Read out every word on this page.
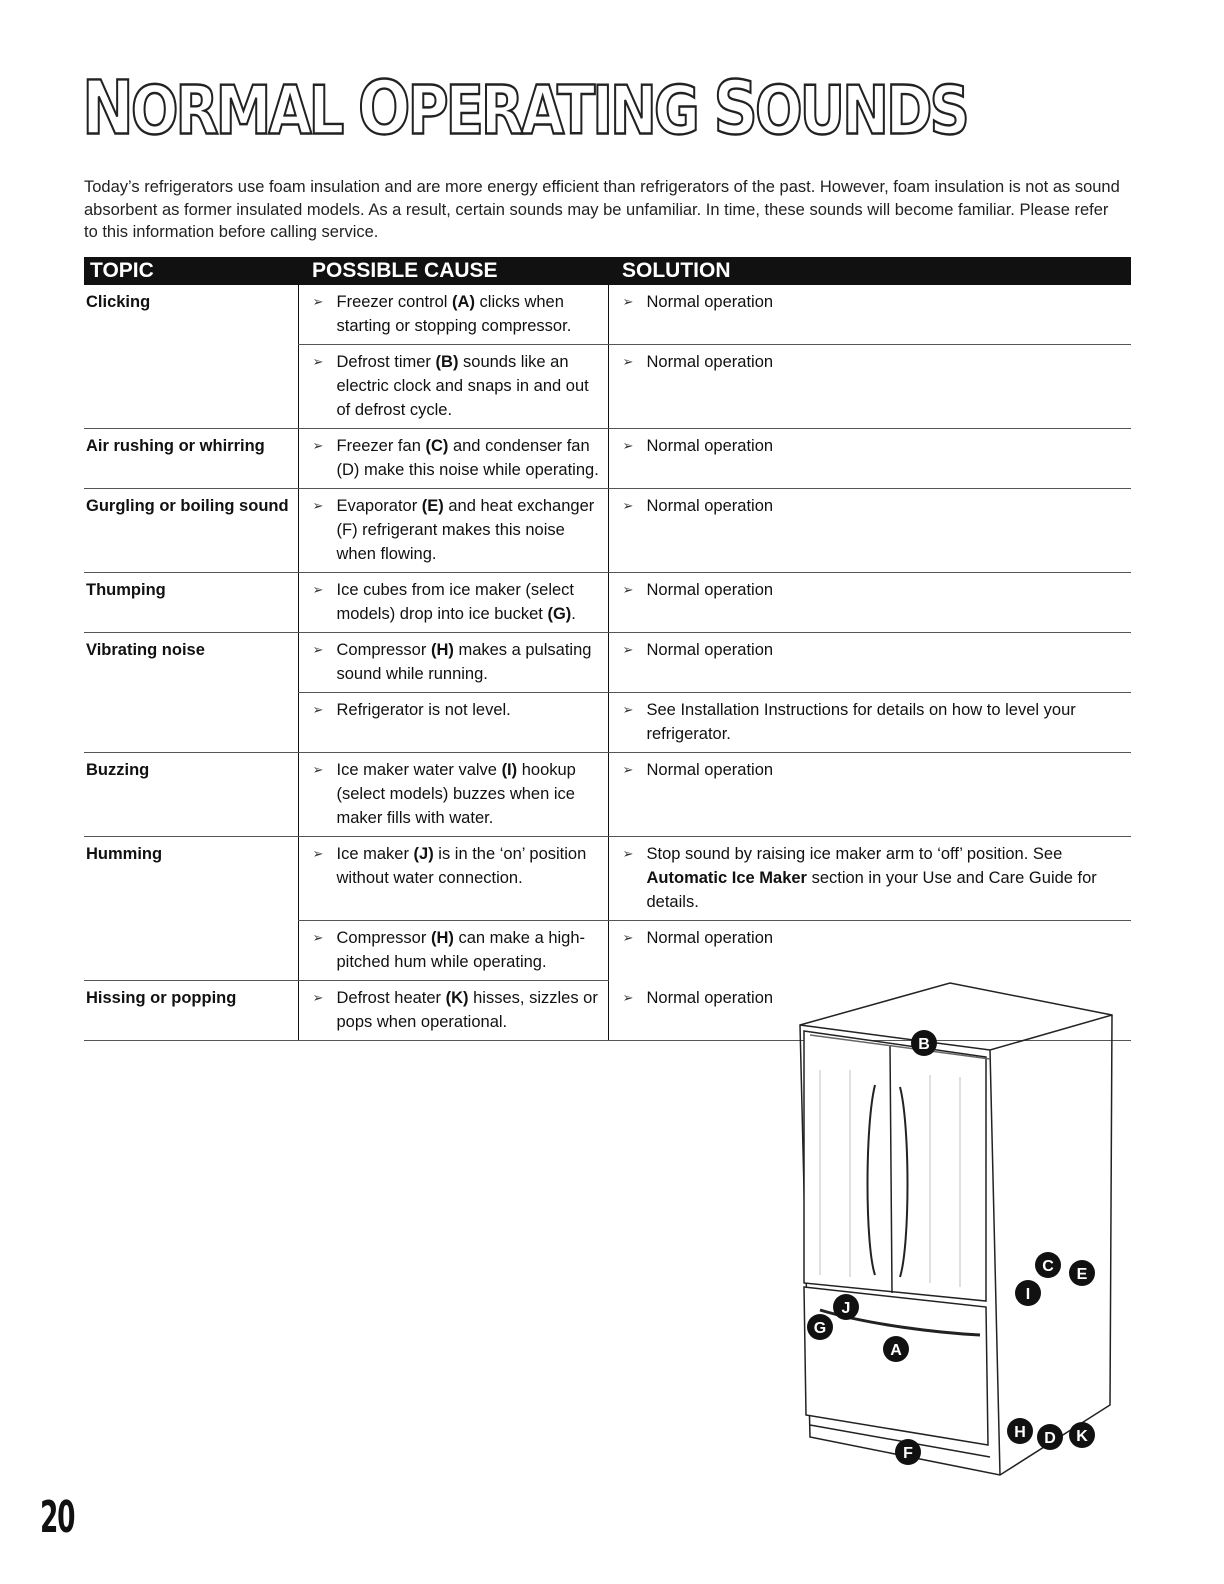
NORMAL OPERATING SOUNDS
Today’s refrigerators use foam insulation and are more energy efficient than refrigerators of the past. However, foam insulation is not as sound absorbent as former insulated models. As a result, certain sounds may be unfamiliar. In time, these sounds will become familiar. Please refer to this information before calling service.
TOPIC	POSSIBLE CAUSE	SOLUTION
Clicking	➢ Freezer control (A) clicks when starting or stopping compressor.	➢ Normal operation

	➢ Defrost timer (B) sounds like an electric clock and snaps in and out of defrost cycle.	➢ Normal operation

Air rushing or whirring	➢ Freezer fan (C) and condenser fan (D) make this noise while operating.	➢ Normal operation

Gurgling or boiling sound	➢ Evaporator (E) and heat exchanger (F) refrigerant makes this noise when flowing.	➢ Normal operation

Thumping	➢ Ice cubes from ice maker (select models) drop into ice bucket (G).	➢ Normal operation

Vibrating noise	➢ Compressor (H) makes a pulsating sound while running.	➢ Normal operation

	➢ Refrigerator is not level.	➢ See Installation Instructions for details on how to level your refrigerator.

Buzzing	➢ Ice maker water valve (I) hookup (select models) buzzes when ice maker fills with water.	➢ Normal operation

Humming	➢ Ice maker (J) is in the ‘on’ position without water connection.	➢ Stop sound by raising ice maker arm to ‘off’ position. See Automatic Ice Maker section in your Use and Care Guide for details.

	➢ Compressor (H) can make a high-pitched hum while operating.	➢ Normal operation

Hissing or popping	➢ Defrost heater (K) hisses, sizzles or pops when operational.	➢ Normal operation
B
C E
I
G
J
A
H D K
F
20
